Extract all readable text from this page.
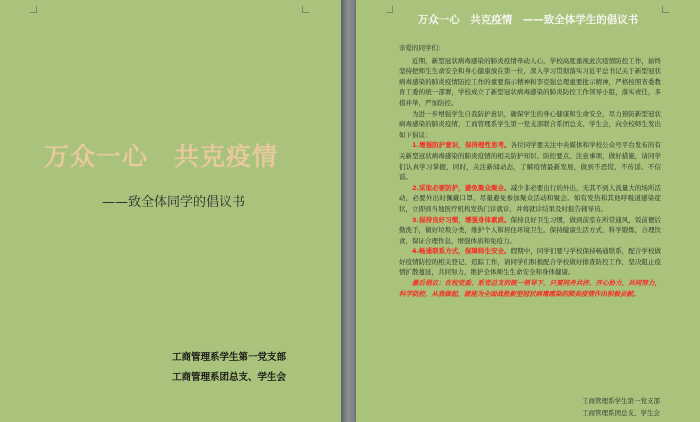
万众一心　共克疫情
——致全体同学的倡议书
工商管理系学生第一党支部
工商管理系团总支、学生会
万众一心　共克疫情　——致全体学生的倡议书

亲爱的同学们：

近期，新型冠状病毒感染的肺炎疫情牵动人心。学校高度重视此次疫情防控工作，始终坚持把师生生命安全和身心健康放在第一位，深入学习贯彻落实习近平总书记关于新型冠状病毒感染的肺炎疫情防控工作的重要指示精神和李克强总理重要批示精神，严格按照省委教育工委的统一部署，学校成立了新型冠状病毒感染的肺炎防控工作领导小组，落实责任，多措并举，严加防控。

为进一步增强学生自我防护意识，确保学生的身心健康和生命安全，尽力预防新型冠状病毒感染的肺炎疫情，工商管理系学生第一党支部联合系团总支、学生会，向全校师生发出如下倡议：

1.增强防护意识，保持理性思考。各位同学要关注中央媒体和学校公众号平台发布的有关新型冠状病毒感染的肺炎疫情的相关防护知识、防控要点、注意事项，做好措施，请同学们认真学习掌握，同时，关注新闻动态，了解疫情最新发展，做到不恐慌、不传谣、不信谣。

2.采取必要防护，避免聚众聚会。减少非必要出行的外出，无其不到人流量大的场所活动，必要外出时佩戴口罩，尽量避免参加聚众活动和聚会。如有发热和其他呼吸道感染症状，立即到当地医疗机构发热门诊就诊，并将就诊结果及时报告辅导员。

3.保持良好习惯，增强身体素质。保持良好卫生习惯，做到前室在所常通风，饭前便后勤洗手，做好垃圾分类，维护个人和居住环境卫生。保持健康生活方式，科学锻炼，合理饮食，保证合理作息，增强体质和免疫力。

4.畅通联系方式，保障师生安全。假期中，同学们要与学校保持畅通联系，配合学校做好疫情防控的相关登记、追踪工作，请同学们积极配合学校做好排查防控工作，坚决阻止疫情扩散蔓延，共同努力，维护全体师生生命安全和身体健康。

最后倡议：在校党委、系党总支的统一领导下，只要同舟共济、齐心协力，共同努力，科学防控，从我做起，就能为全面战胜新型冠状病毒感染的肺炎疫情作出积极贡献。

工商管理系学生第一党支部
工商管理系团总支、学生会
